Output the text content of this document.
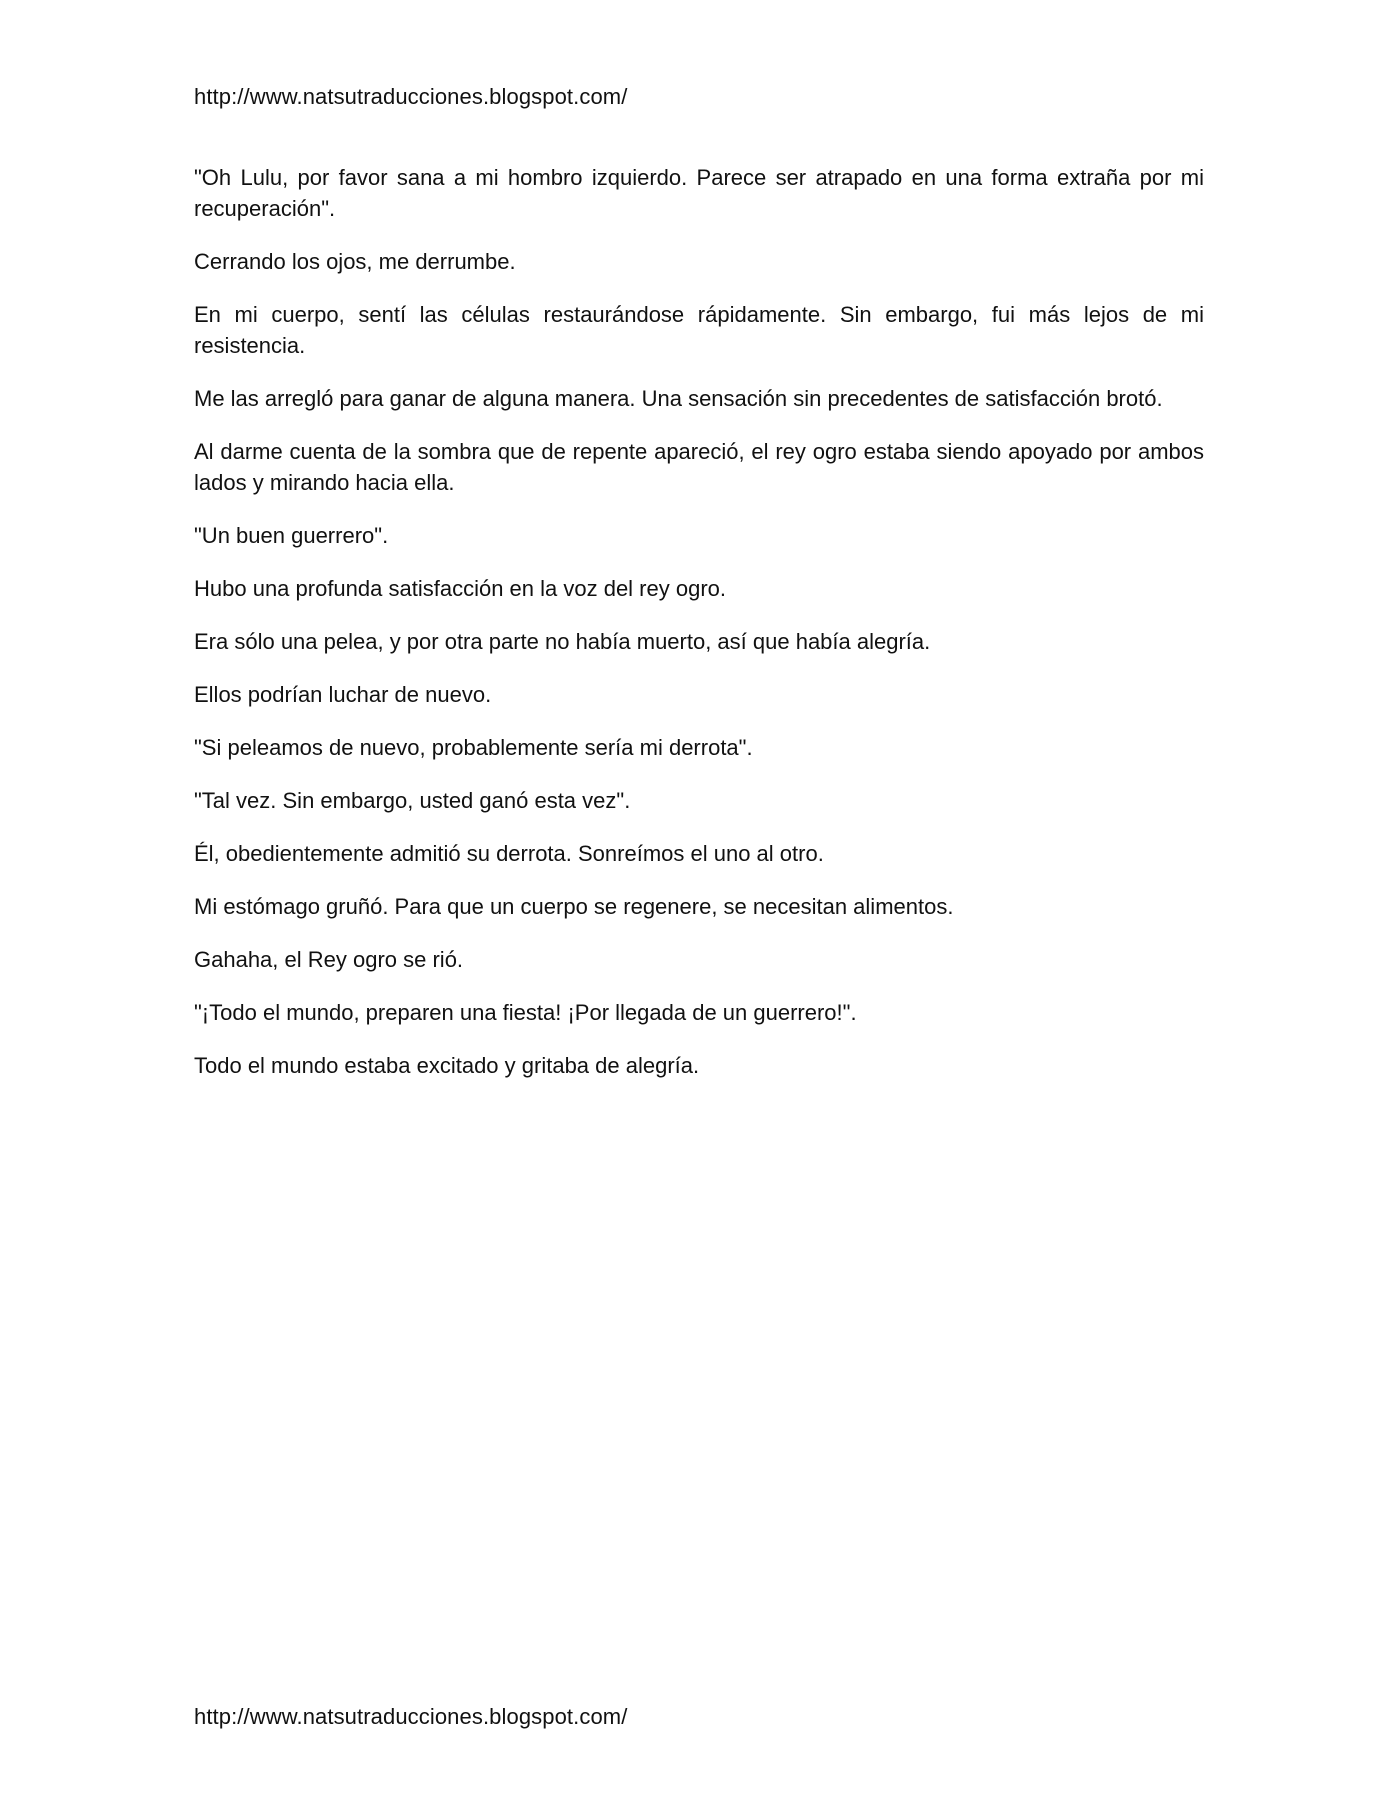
http://www.natsutraducciones.blogspot.com/

"Oh Lulu, por favor sana a mi hombro izquierdo. Parece ser atrapado en una forma extraña por mi recuperación".

Cerrando los ojos, me derrumbe.

En mi cuerpo, sentí las células restaurándose rápidamente. Sin embargo, fui más lejos de mi resistencia.

Me las arregló para ganar de alguna manera. Una sensación sin precedentes de satisfacción brotó.

Al darme cuenta de la sombra que de repente apareció, el rey ogro estaba siendo apoyado por ambos lados y mirando hacia ella.

"Un buen guerrero".

Hubo una profunda satisfacción en la voz del rey ogro.

Era sólo una pelea, y por otra parte no había muerto, así que había alegría.

Ellos podrían luchar de nuevo.

"Si peleamos de nuevo, probablemente sería mi derrota".

"Tal vez. Sin embargo, usted ganó esta vez".

Él, obedientemente admitió su derrota. Sonreímos el uno al otro.

Mi estómago gruñó. Para que un cuerpo se regenere, se necesitan alimentos.

Gahaha, el Rey ogro se rió.

"¡Todo el mundo, preparen una fiesta! ¡Por llegada de un guerrero!".

Todo el mundo estaba excitado y gritaba de alegría.

http://www.natsutraducciones.blogspot.com/
